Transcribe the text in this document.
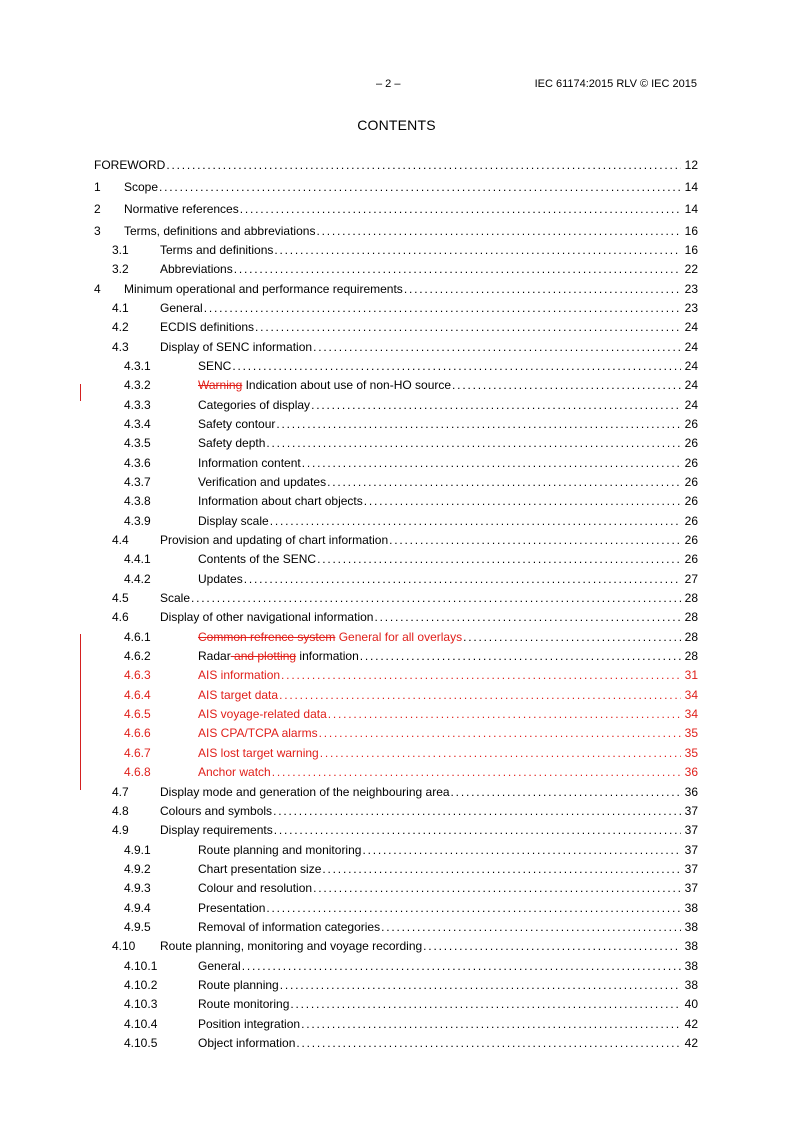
– 2 –	IEC 61174:2015 RLV © IEC 2015
CONTENTS
FOREWORD .....	12
1 Scope .....	14
2 Normative references .....	14
3 Terms, definitions and abbreviations .....	16
3.1	Terms and definitions .....	16
3.2	Abbreviations .....	22
4 Minimum operational and performance requirements .....	23
4.1	General .....	23
4.2	ECDIS definitions .....	24
4.3	Display of SENC information .....	24
4.3.1	SENC .....	24
4.3.2	Warning Indication about use of non-HO source .....	24
4.3.3	Categories of display .....	24
4.3.4	Safety contour .....	26
4.3.5	Safety depth .....	26
4.3.6	Information content .....	26
4.3.7	Verification and updates .....	26
4.3.8	Information about chart objects .....	26
4.3.9	Display scale .....	26
4.4	Provision and updating of chart information .....	26
4.4.1	Contents of the SENC .....	26
4.4.2	Updates .....	27
4.5	Scale .....	28
4.6	Display of other navigational information .....	28
4.6.1	Common refrence system General for all overlays .....	28
4.6.2	Radar and plotting information .....	28
4.6.3	AIS information .....	31
4.6.4	AIS target data .....	34
4.6.5	AIS voyage-related data .....	34
4.6.6	AIS CPA/TCPA alarms .....	35
4.6.7	AIS lost target warning .....	35
4.6.8	Anchor watch .....	36
4.7	Display mode and generation of the neighbouring area .....	36
4.8	Colours and symbols .....	37
4.9	Display requirements .....	37
4.9.1	Route planning and monitoring .....	37
4.9.2	Chart presentation size .....	37
4.9.3	Colour and resolution .....	37
4.9.4	Presentation .....	38
4.9.5	Removal of information categories .....	38
4.10 Route planning, monitoring and voyage recording .....	38
4.10.1	General .....	38
4.10.2	Route planning .....	38
4.10.3	Route monitoring .....	40
4.10.4	Position integration .....	42
4.10.5	Object information .....	42
